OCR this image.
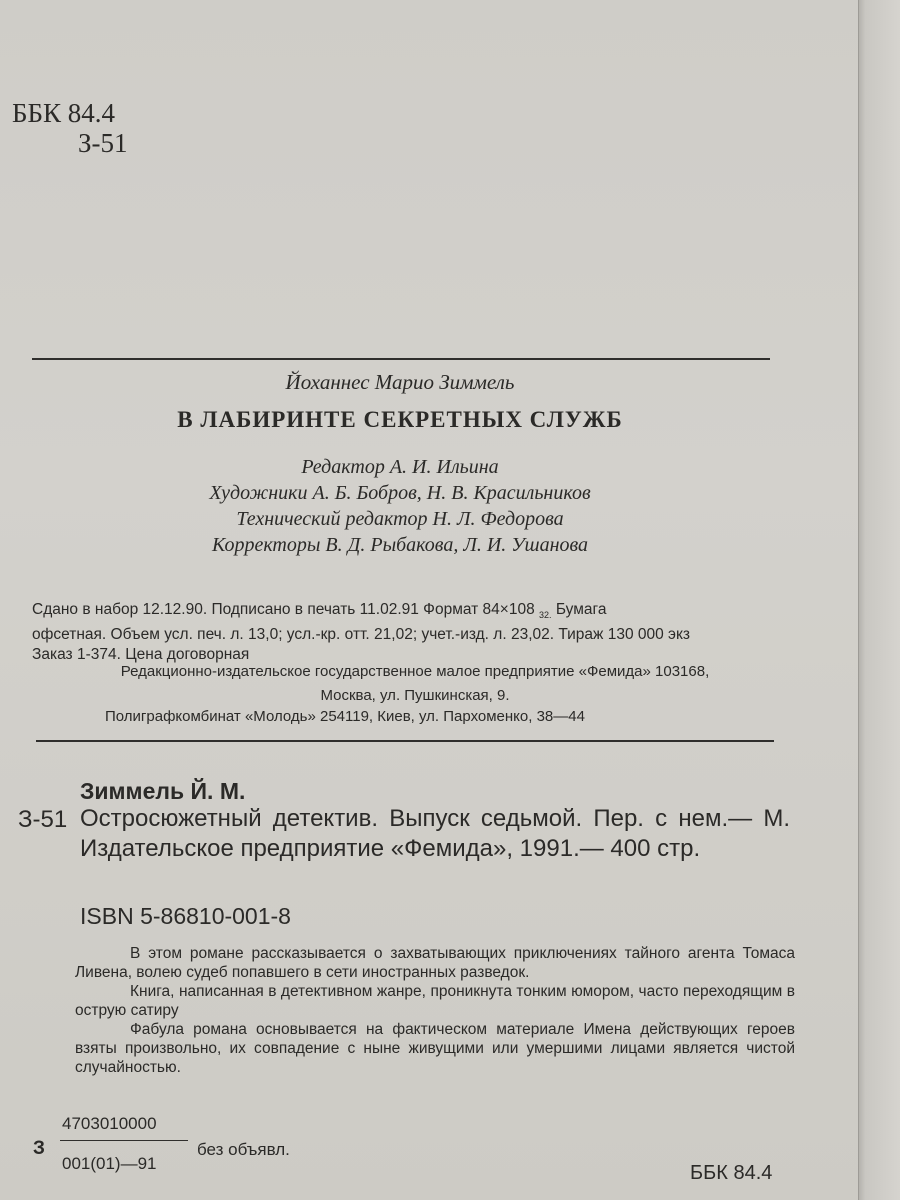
ББК 84.4
З-51
Йоханнес Марио Зиммель
В ЛАБИРИНТЕ СЕКРЕТНЫХ СЛУЖБ
Редактор А. И. Ильина
Художники А. Б. Бобров, Н. В. Красильников
Технический редактор Н. Л. Федорова
Корректоры В. Д. Рыбакова, Л. И. Ушанова
Сдано в набор 12.12.90. Подписано в печать 11.02.91 Формат 84×108 $_{32.}$ Бумага
офсетная. Объем усл. печ. л. 13,0; усл.-кр. отт. 21,02; учет.-изд. л. 23,02. Тираж 130 000 экз
Заказ 1-374. Цена договорная
Редакционно-издательское государственное малое предприятие «Фемида» 103168,
Москва, ул. Пушкинская, 9.
Полиграфкомбинат «Молодь» 254119, Киев, ул. Пархоменко, 38—44
Зиммель Й. М.
З-51 Остросюжетный детектив. Выпуск седьмой. Пер. с нем.— М. Издательское предприятие «Фемида», 1991.— 400 стр.
ISBN 5-86810-001-8

В этом романе рассказывается о захватывающих приключениях тайного агента Томаса Ливена, волею судеб попавшего в сети иностранных разведок.

Книга, написанная в детективном жанре, проникнута тонким юмором, часто переходящим в острую сатиру

Фабула романа основывается на фактическом материале Имена действующих героев взяты произвольно, их совпадение с ныне живущими или умершими лицами является чистой случайностью.

З
4703010000
001(01)—91
без объявл.
ББК 84.4
